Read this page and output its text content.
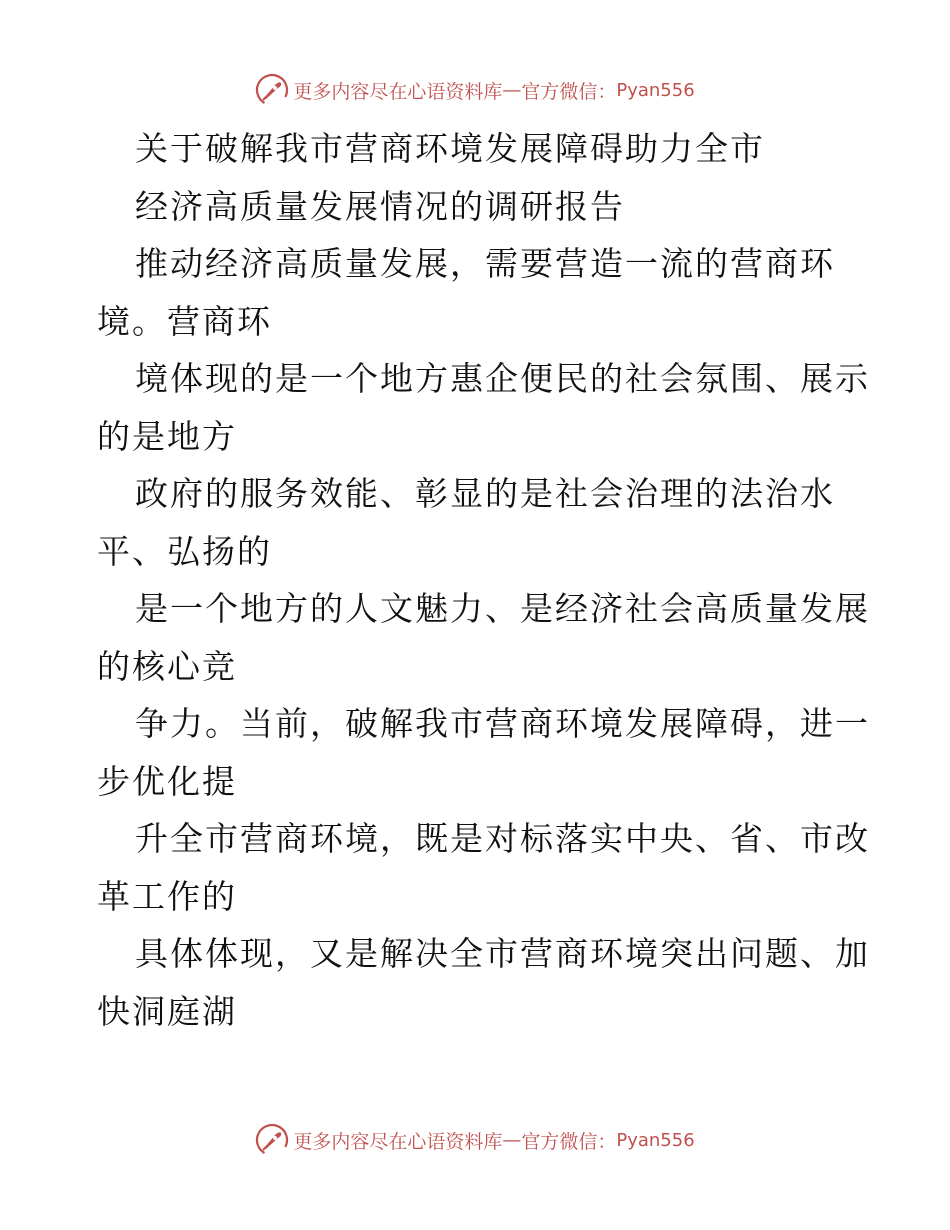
更多内容尽在心语资料库 — 官方微信： Pyan556
关于破解我市营商环境发展障碍助力全市
经济高质量发展情况的调研报告
推动经济高质量发展，需要营造一流的营商环
境。营商环
境体现的是一个地方惠企便民的社会氛围、展示
的是地方
政府的服务效能、彰显的是社会治理的法治水
平、弘扬的
是一个地方的人文魅力、是经济社会高质量发展
的核心竞
争力。当前，破解我市营商环境发展障碍，进一
步优化提
升全市营商环境，既是对标落实中央、省、市改
革工作的
具体体现，又是解决全市营商环境突出问题、加
快洞庭湖
更多内容尽在心语资料库 — 官方微信： Pyan556
